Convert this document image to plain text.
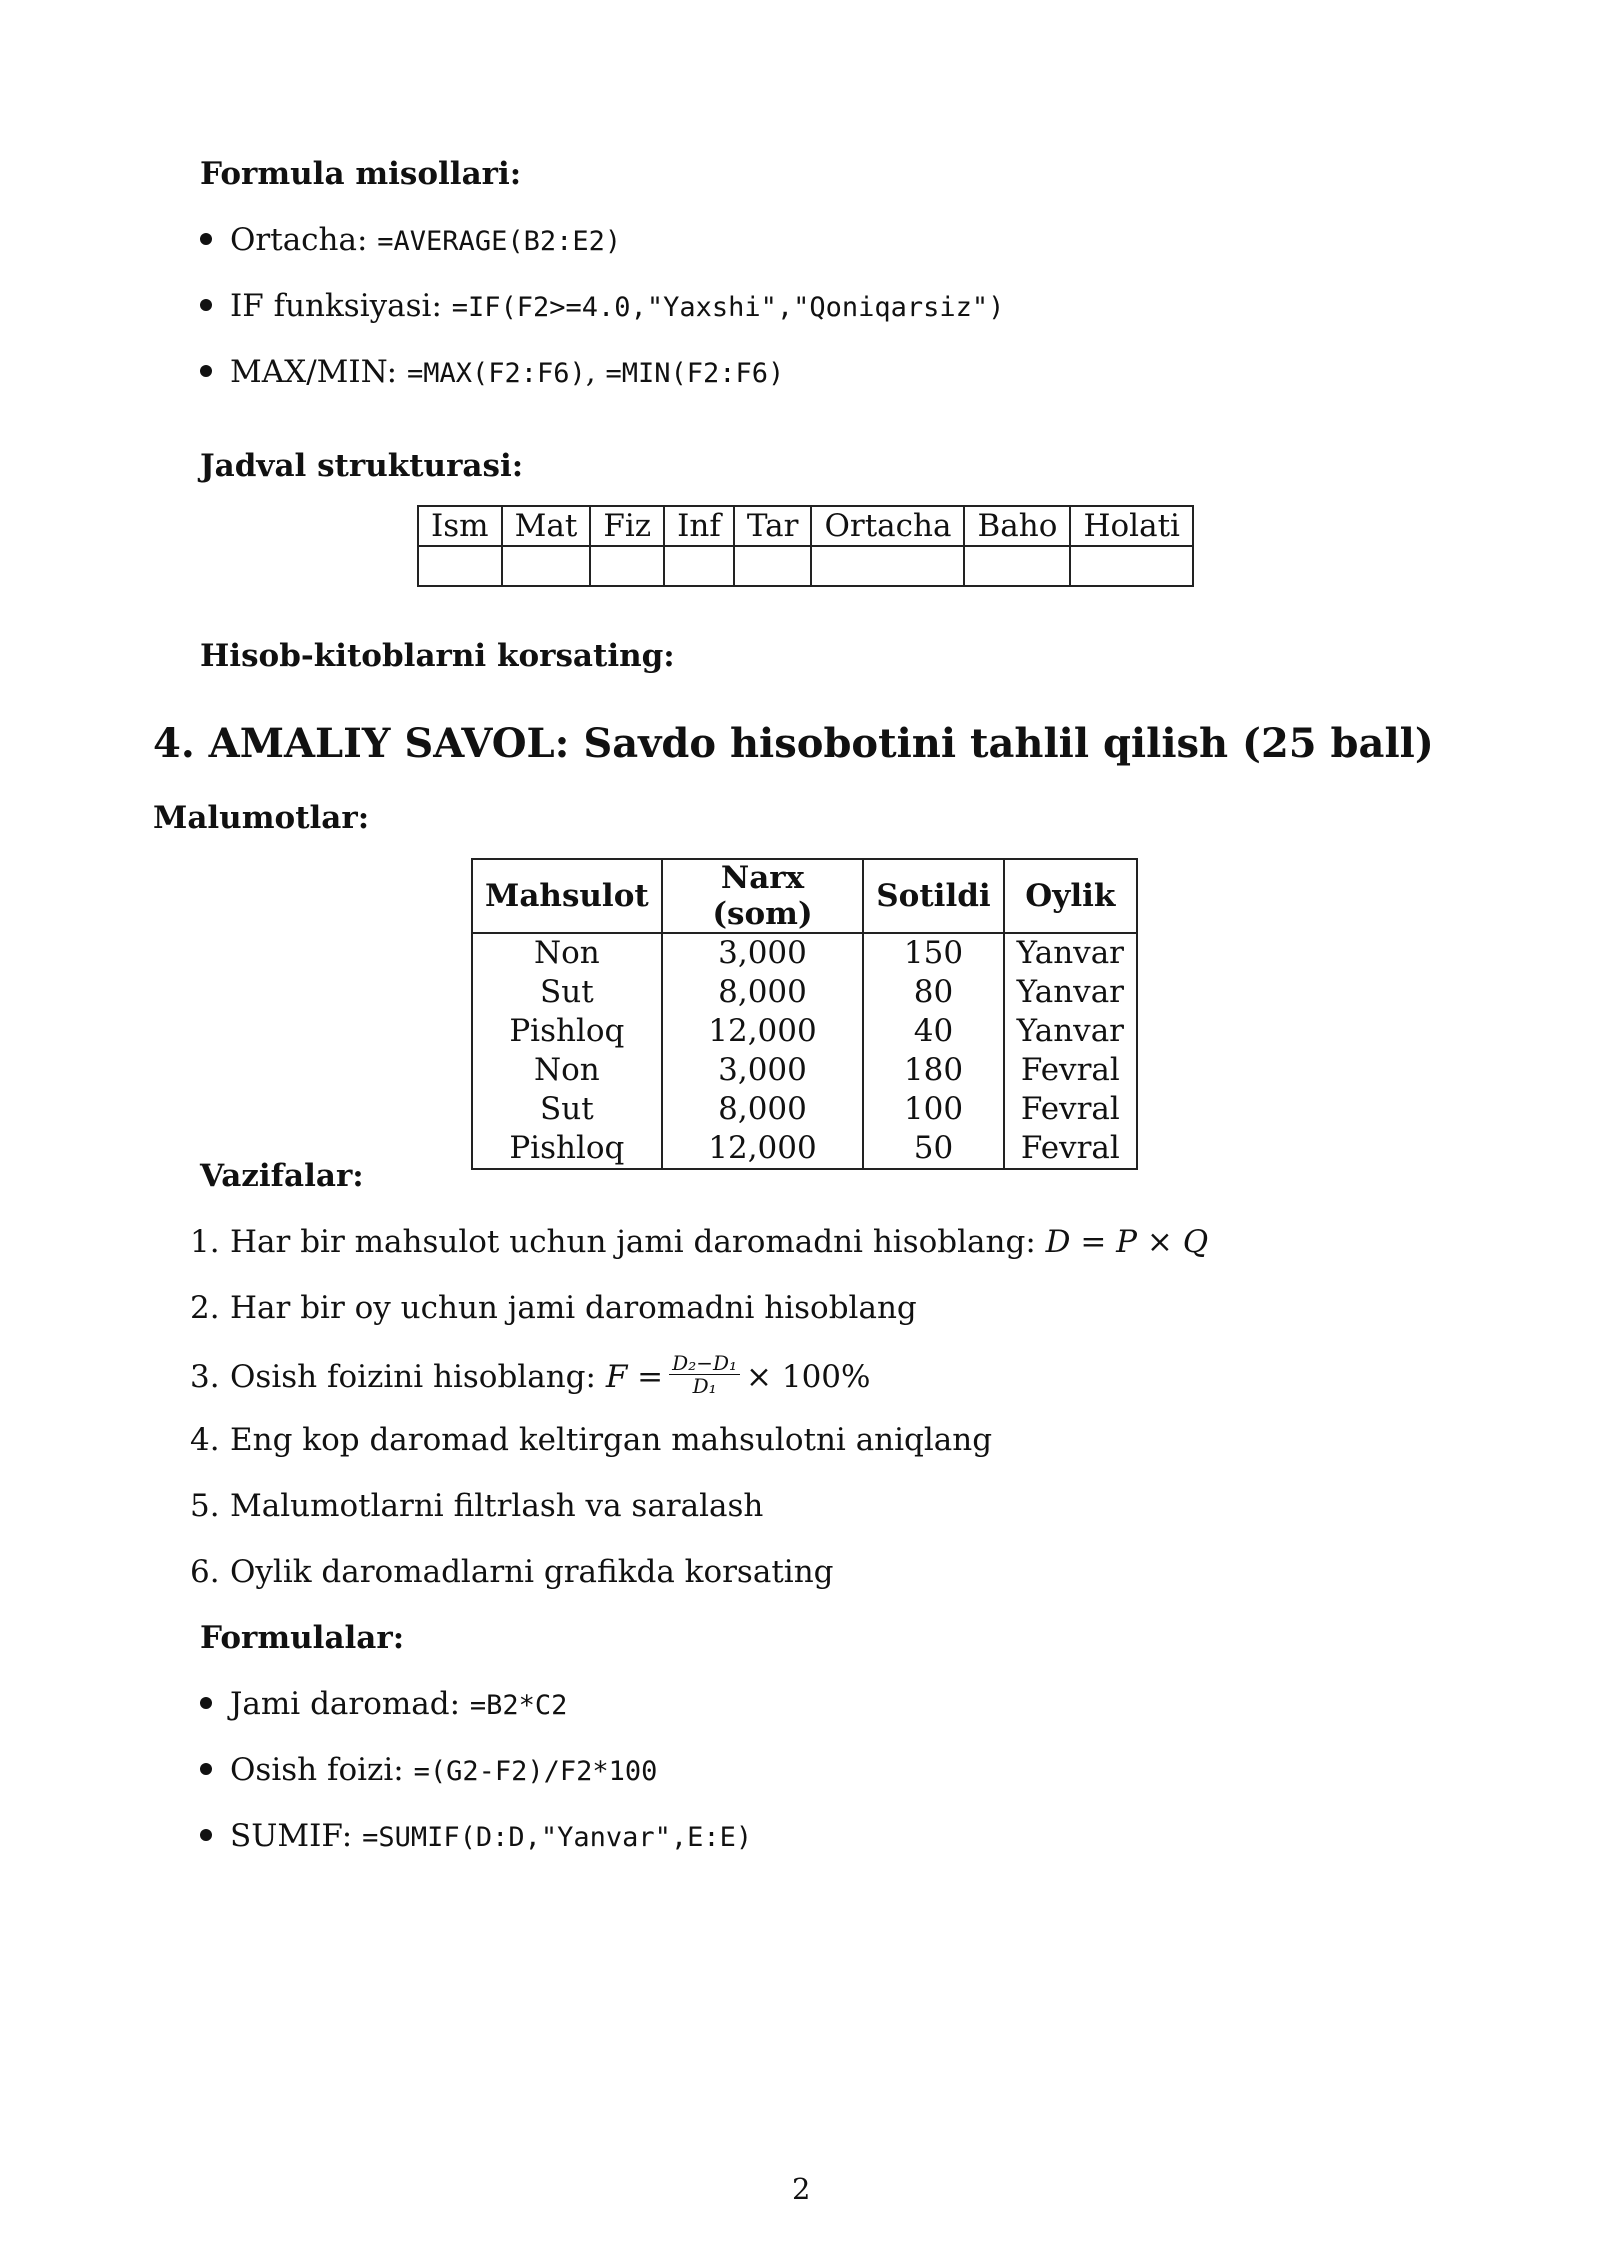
Formula misollari:
Ortacha: =AVERAGE(B2:E2)
IF funksiyasi: =IF(F2>=4.0,"Yaxshi","Qoniqarsiz")
MAX/MIN: =MAX(F2:F6), =MIN(F2:F6)
Jadval strukturasi:
Ism	Mat	Fiz	Inf	Tar	Ortacha	Baho	Holati

Hisob-kitoblarni korsating:
4. AMALIY SAVOL: Savdo hisobotini tahlil qilish (25 ball)
Malumotlar:
Mahsulot	Narx (som)	Sotildi	Oylik
Non	3,000	150	Yanvar
Sut	8,000	80	Yanvar
Pishloq	12,000	40	Yanvar
Non	3,000	180	Fevral
Sut	8,000	100	Fevral
Pishloq	12,000	50	Fevral
Vazifalar:
1. Har bir mahsulot uchun jami daromadni hisoblang: D = P × Q
2. Har bir oy uchun jami daromadni hisoblang
3. Osish foizini hisoblang: $F = \frac{\text{D₂−D₁}}{\text{D₁}} \times 100\%$
4. Eng kop daromad keltirgan mahsulotni aniqlang
5. Malumotlarni filtrlash va saralash
6. Oylik daromadlarni grafikda korsating
Formulalar:
Jami daromad: =B2*C2
Osish foizi: =(G2-F2)/F2*100
SUMIF: =SUMIF(D:D,"Yanvar",E:E)
2
